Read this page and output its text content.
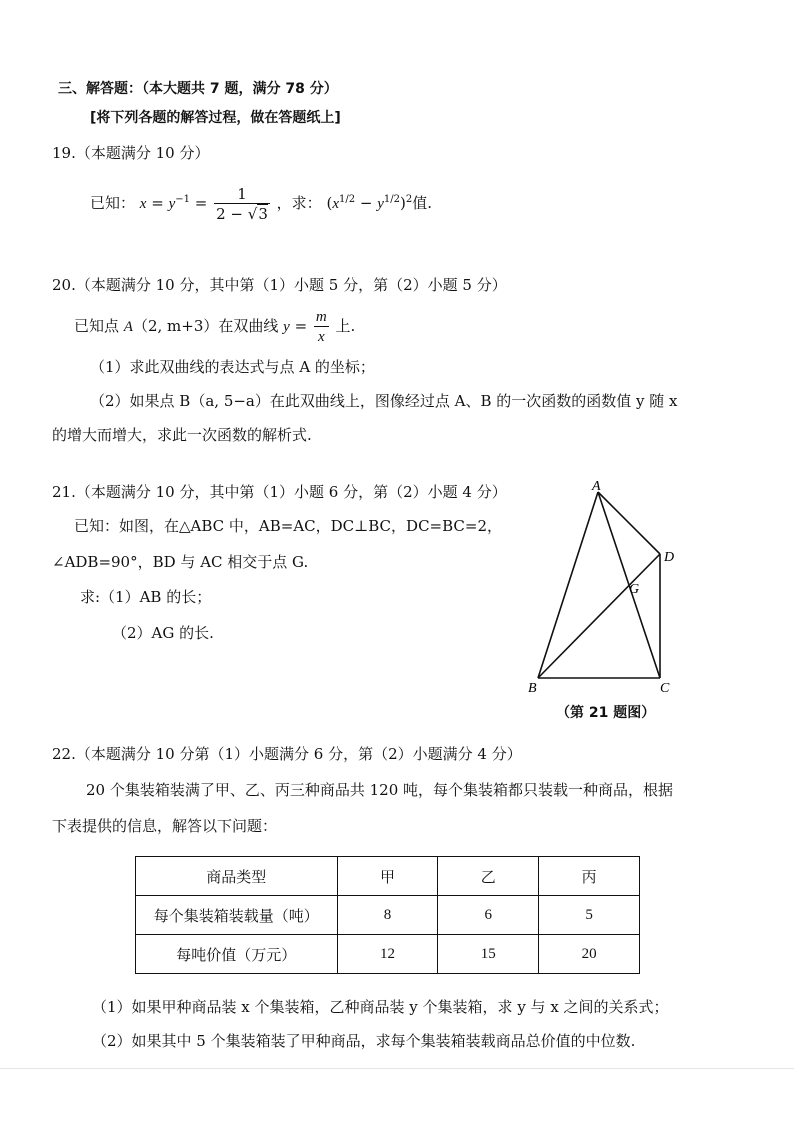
三、解答题：（本大题共 7 题，满分 78 分）
[将下列各题的解答过程，做在答题纸上]
19.（本题满分 10 分）
已知： $x = y^{-1} = \frac{1}{2 - √3}$ ，求： $(x^{1/2} - y^{1/2})^2$值.
20.（本题满分 10 分，其中第（1）小题 5 分，第（2）小题 5 分）
已知点 A（2, m+3）在双曲线 $y = \frac{m}{x}$ 上.
（1）求此双曲线的表达式与点 A 的坐标；
（2）如果点 B（a, 5−a）在此双曲线上，图像经过点 A、B 的一次函数的函数值 y 随 x
的增大而增大，求此一次函数的解析式.
21.（本题满分 10 分，其中第（1）小题 6 分，第（2）小题 4 分）
已知：如图，在△ABC 中，AB=AC，DC⊥BC，DC=BC=2，
∠ADB=90°，BD 与 AC 相交于点 G.
求:（1）AB 的长；
（2）AG 的长.
A
D
G
B	C
（第 21 题图）
22.（本题满分 10 分第（1）小题满分 6 分，第（2）小题满分 4 分）
20 个集装箱装满了甲、乙、丙三种商品共 120 吨，每个集装箱都只装载一种商品，根据
下表提供的信息，解答以下问题：
商品类型	甲	乙	丙
每个集装箱装载量（吨）	8	6	5
每吨价值（万元）	12	15	20
（1）如果甲种商品装 x 个集装箱，乙种商品装 y 个集装箱，求 y 与 x 之间的关系式；
（2）如果其中 5 个集装箱装了甲种商品，求每个集装箱装载商品总价值的中位数.
